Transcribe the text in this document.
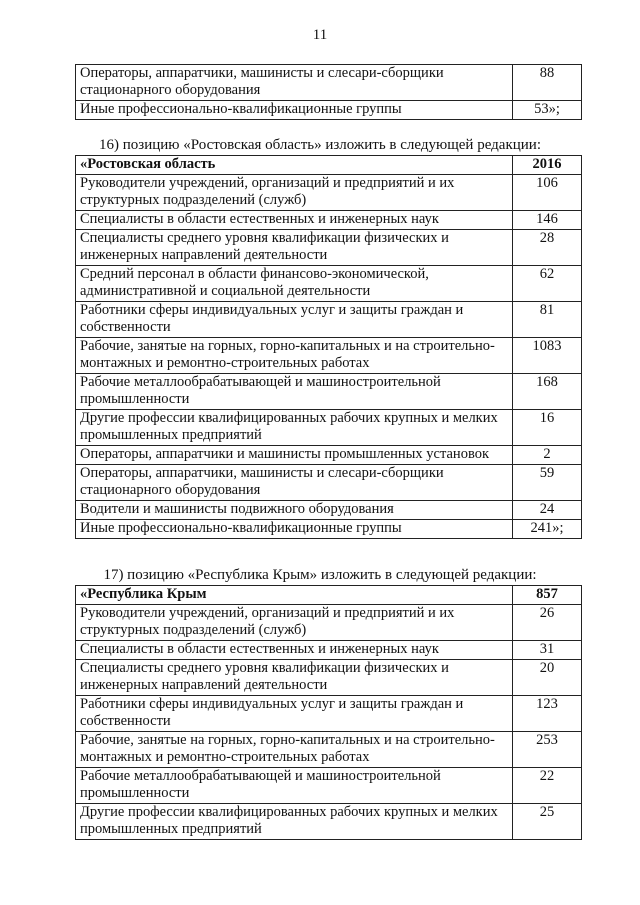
11
Операторы, аппаратчики, машинисты и слесари-сборщики стационарного оборудования	88
Иные профессионально-квалификационные группы	53»;
16) позицию «Ростовская область» изложить в следующей редакции:
«Ростовская область	2016
Руководители учреждений, организаций и предприятий и их структурных подразделений (служб)	106
Специалисты в области естественных и инженерных наук	146
Специалисты среднего уровня квалификации физических и инженерных направлений деятельности	28
Средний персонал в области финансово-экономической, административной и социальной деятельности	62
Работники сферы индивидуальных услуг и защиты граждан и собственности	81
Рабочие, занятые на горных, горно-капитальных и на строительно-монтажных и ремонтно-строительных работах	1083
Рабочие металлообрабатывающей и машиностроительной промышленности	168
Другие профессии квалифицированных рабочих крупных и мелких промышленных предприятий	16
Операторы, аппаратчики и машинисты промышленных установок	2
Операторы, аппаратчики, машинисты и слесари-сборщики стационарного оборудования	59
Водители и машинисты подвижного оборудования	24
Иные профессионально-квалификационные группы	241»;
17) позицию «Республика Крым» изложить в следующей редакции:
«Республика Крым	857
Руководители учреждений, организаций и предприятий и их структурных подразделений (служб)	26
Специалисты в области естественных и инженерных наук	31
Специалисты среднего уровня квалификации физических и инженерных направлений деятельности	20
Работники сферы индивидуальных услуг и защиты граждан и собственности	123
Рабочие, занятые на горных, горно-капитальных и на строительно-монтажных и ремонтно-строительных работах	253
Рабочие металлообрабатывающей и машиностроительной промышленности	22
Другие профессии квалифицированных рабочих крупных и мелких промышленных предприятий	25
